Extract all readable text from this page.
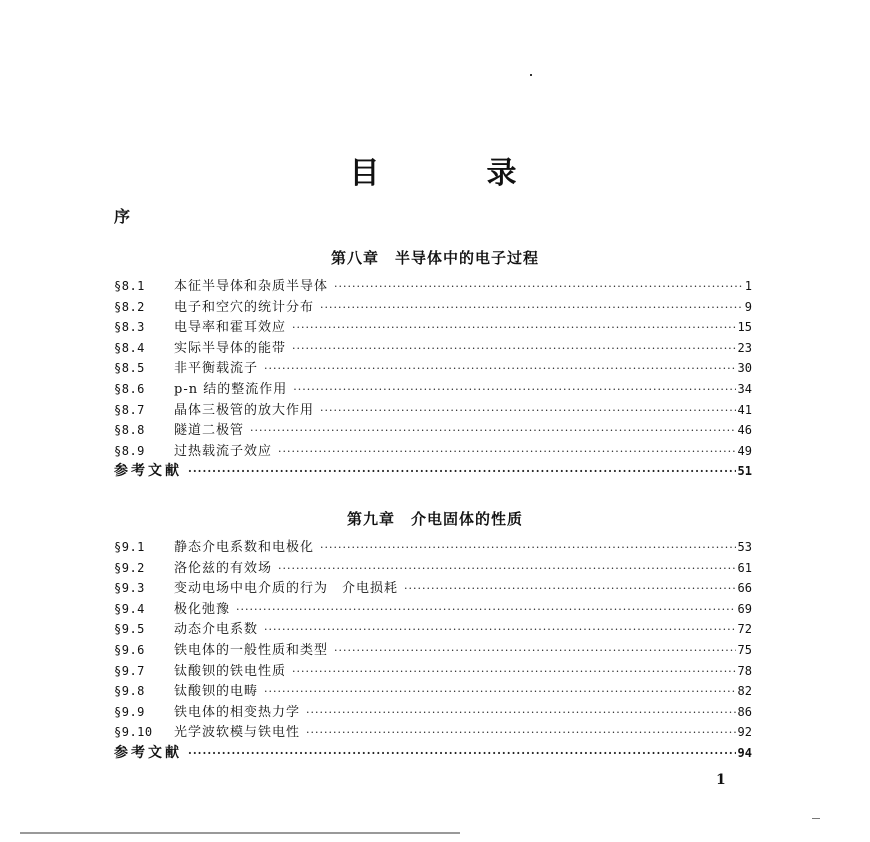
目	录
序
第八章　半导体中的电子过程
§8.1	本征半导体和杂质半导体 ·····	1
§8.2	电子和空穴的统计分布 ·····	9
§8.3	电导率和霍耳效应 ·····	15
§8.4	实际半导体的能带 ·····	23
§8.5	非平衡载流子 ·····	30
§8.6	p-n 结的整流作用 ·····	34
§8.7	晶体三极管的放大作用 ·····	41
§8.8	隧道二极管 ·····	46
§8.9	过热载流子效应 ·····	49
参考文献 ·····	51
第九章　介电固体的性质
§9.1	静态介电系数和电极化 ·····	53
§9.2	洛伦兹的有效场 ·····	61
§9.3	变动电场中电介质的行为　介电损耗 ·····	66
§9.4	极化弛豫 ·····	69
§9.5	动态介电系数 ·····	72
§9.6	铁电体的一般性质和类型 ·····	75
§9.7	钛酸钡的铁电性质 ·····	78
§9.8	钛酸钡的电畴 ·····	82
§9.9	铁电体的相变热力学 ·····	86
§9.10	光学波软模与铁电性 ·····	92
参考文献 ·····	94
1
